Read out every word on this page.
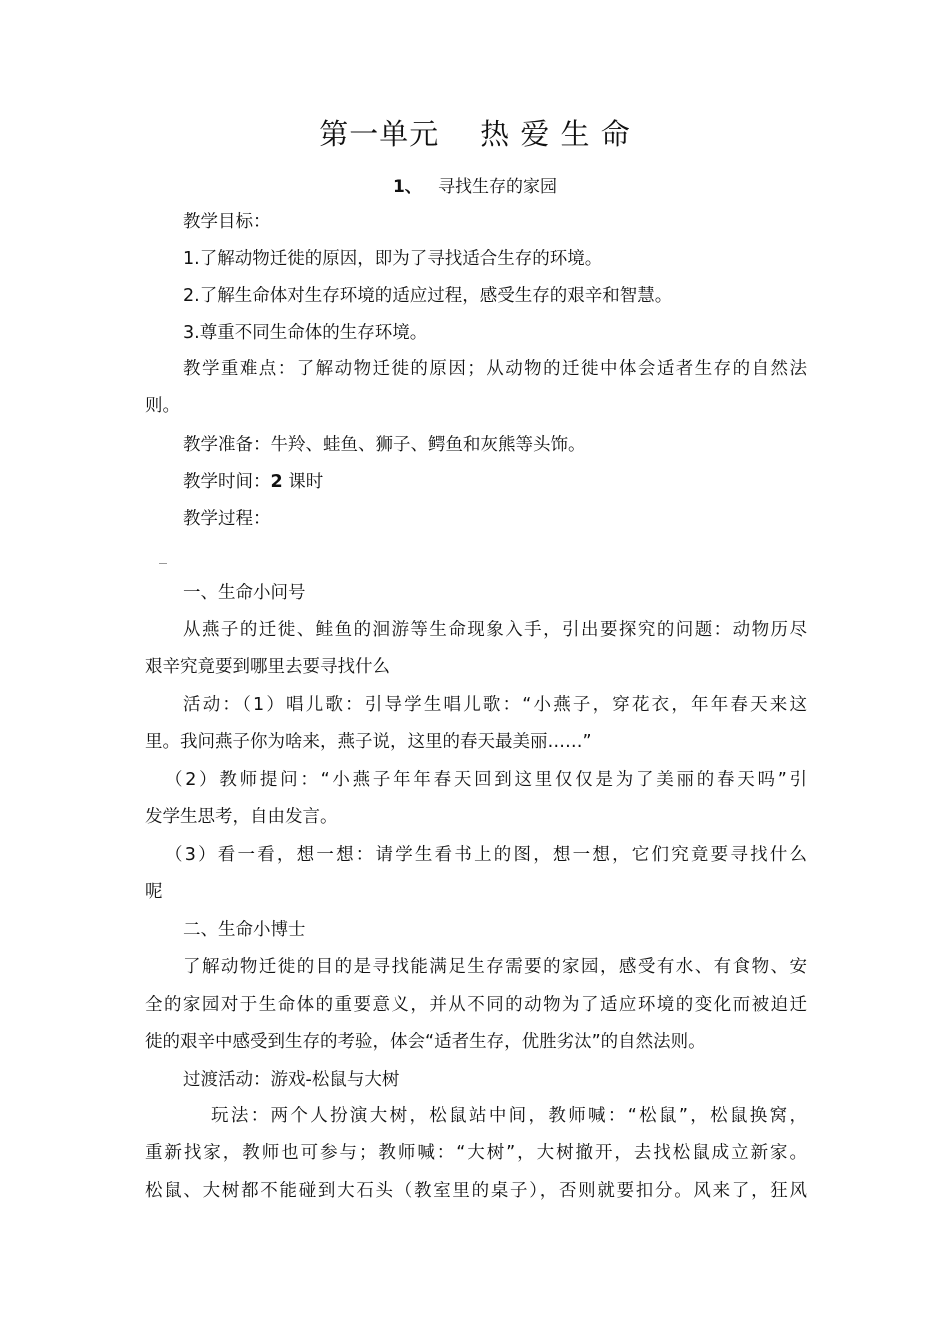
第一单元    热 爱 生 命
1、 寻找生存的家园
教学目标：
1.了解动物迁徙的原因，即为了寻找适合生存的环境。
2.了解生命体对生存环境的适应过程，感受生存的艰辛和智慧。
3.尊重不同生命体的生存环境。
教学重难点：了解动物迁徙的原因；从动物的迁徙中体会适者生存的自然法
则。
教学准备：牛羚、蛙鱼、狮子、鳄鱼和灰熊等头饰。
教学时间：2 课时
教学过程：
一、生命小问号
从燕子的迁徙、鲑鱼的洄游等生命现象入手，引出要探究的问题：动物历尽
艰辛究竟要到哪里去要寻找什么
活动：（1）唱儿歌：引导学生唱儿歌：“小燕子，穿花衣，年年春天来这
里。我问燕子你为啥来，燕子说，这里的春天最美丽……”
（2）教师提问：“小燕子年年春天回到这里仅仅是为了美丽的春天吗”引
发学生思考，自由发言。
（3）看一看，想一想：请学生看书上的图，想一想，它们究竟要寻找什么
呢
二、生命小博士
了解动物迁徙的目的是寻找能满足生存需要的家园，感受有水、有食物、安
全的家园对于生命体的重要意义，并从不同的动物为了适应环境的变化而被迫迁
徙的艰辛中感受到生存的考验，体会“适者生存，优胜劣汰”的自然法则。
过渡活动：游戏-松鼠与大树
玩法：两个人扮演大树，松鼠站中间，教师喊：“松鼠”，松鼠换窝，
重新找家，教师也可参与；教师喊：“大树”，大树撤开，去找松鼠成立新家。
松鼠、大树都不能碰到大石头（教室里的桌子），否则就要扣分。风来了，狂风
